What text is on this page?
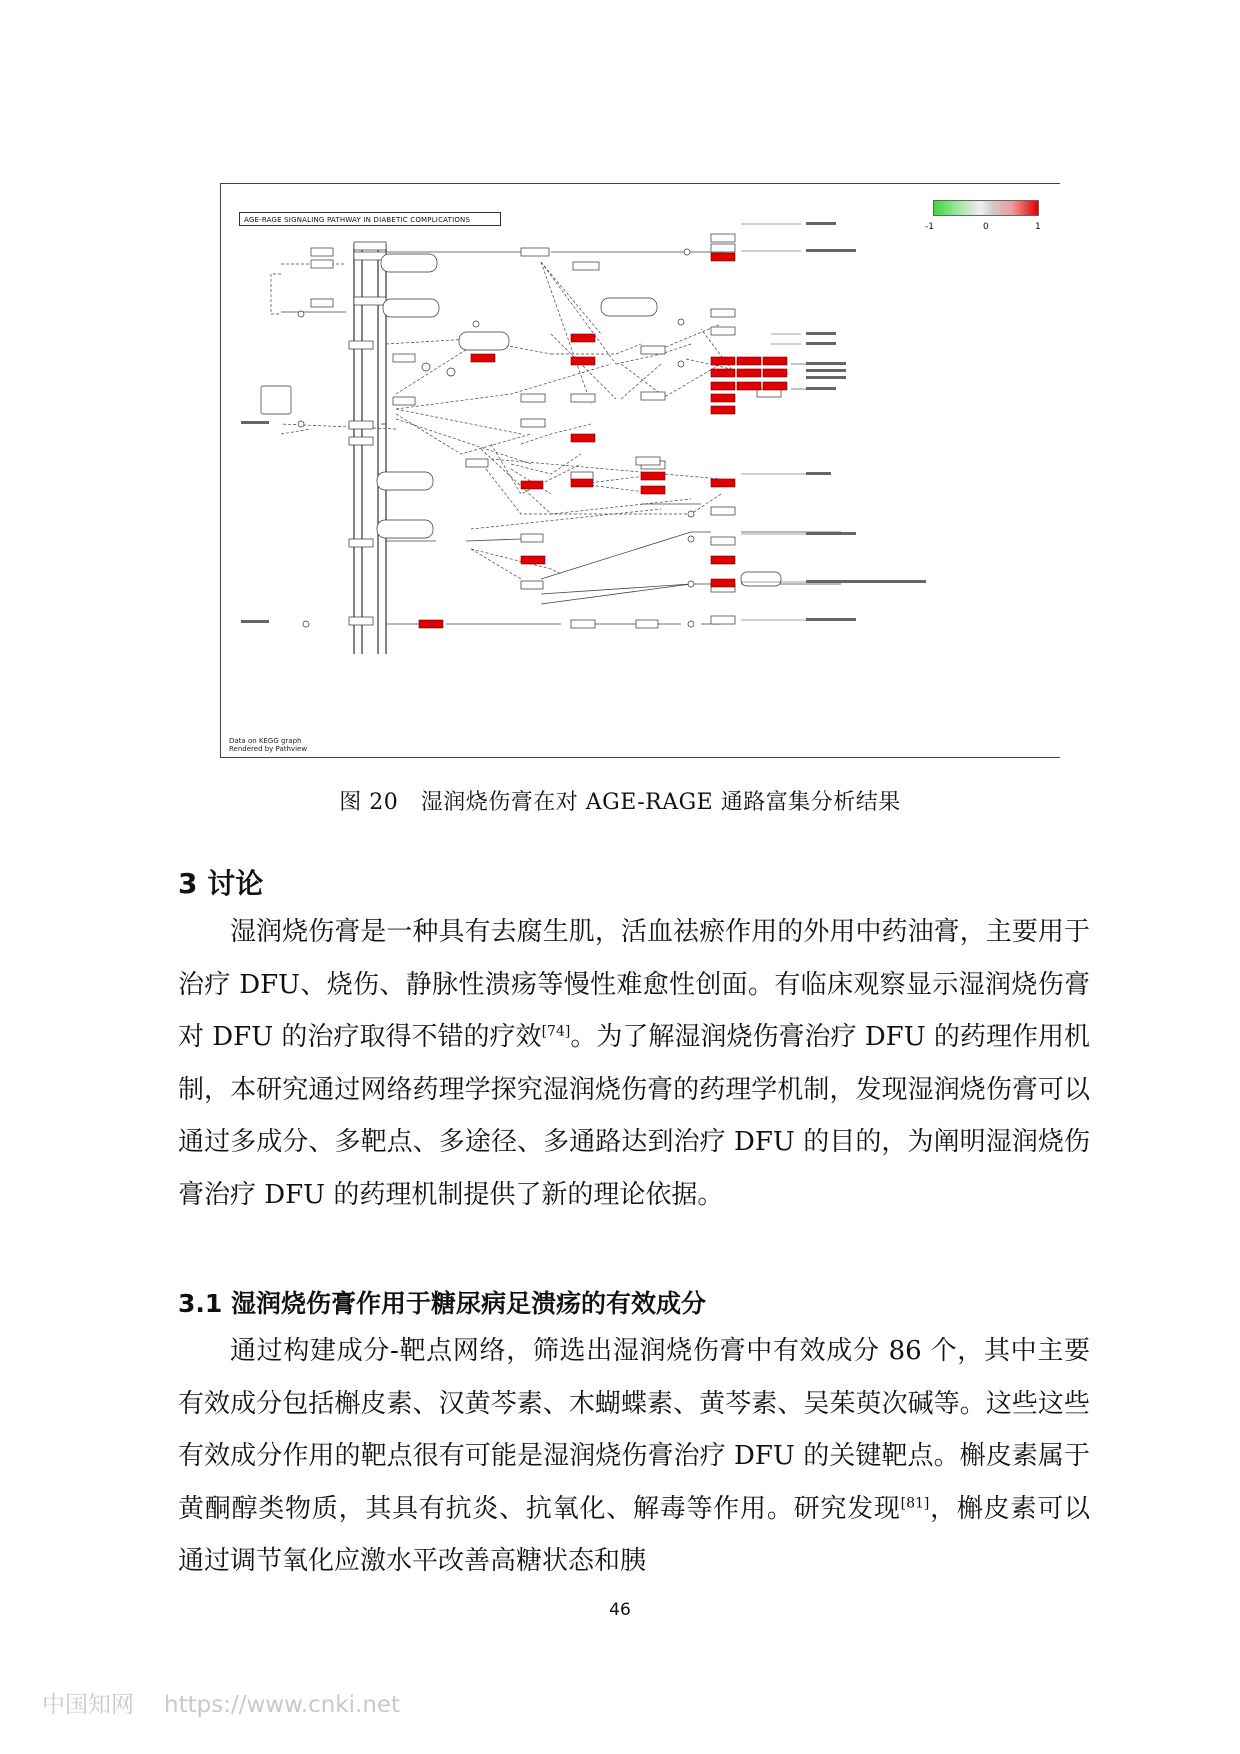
AGE-RAGE SIGNALING PATHWAY IN DIABETIC COMPLICATIONS
-1	0	1
Data on KEGG graph
Rendered by Pathview
图 20　湿润烧伤膏在对 AGE-RAGE 通路富集分析结果
3 讨论

湿润烧伤膏是一种具有去腐生肌，活血祛瘀作用的外用中药油膏，主要用于治疗 DFU、烧伤、静脉性溃疡等慢性难愈性创面。有临床观察显示湿润烧伤膏对 DFU 的治疗取得不错的疗效[74]。为了解湿润烧伤膏治疗 DFU 的药理作用机制，本研究通过网络药理学探究湿润烧伤膏的药理学机制，发现湿润烧伤膏可以通过多成分、多靶点、多途径、多通路达到治疗 DFU 的目的，为阐明湿润烧伤膏治疗 DFU 的药理机制提供了新的理论依据。

3.1 湿润烧伤膏作用于糖尿病足溃疡的有效成分

通过构建成分-靶点网络，筛选出湿润烧伤膏中有效成分 86 个，其中主要有效成分包括槲皮素、汉黄芩素、木蝴蝶素、黄芩素、吴茱萸次碱等。这些这些有效成分作用的靶点很有可能是湿润烧伤膏治疗 DFU 的关键靶点。槲皮素属于黄酮醇类物质，其具有抗炎、抗氧化、解毒等作用。研究发现[81]，槲皮素可以通过调节氧化应激水平改善高糖状态和胰

46
中国知网 https://www.cnki.net
